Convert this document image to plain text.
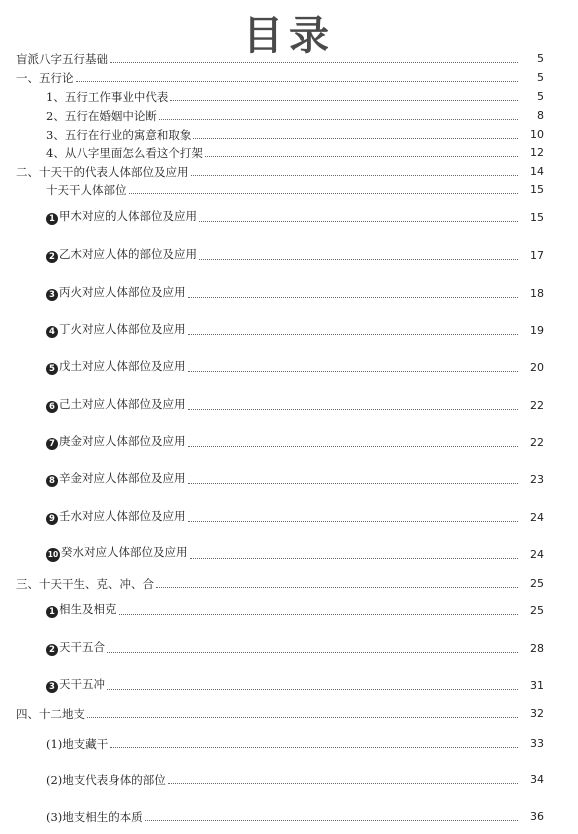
目录
盲派八字五行基础	5
一、五行论	5
1、五行工作事业中代表	5
2、五行在婚姻中论断	8
3、五行在行业的寓意和取象	10
4、从八字里面怎么看这个打架	12
二、十天干的代表人体部位及应用	14
十天干人体部位	15
1 甲木对应的人体部位及应用	15
2 乙木对应人体的部位及应用	17
3 丙火对应人体部位及应用	18
4 丁火对应人体部位及应用	19
5 戊土对应人体部位及应用	20
6 己土对应人体部位及应用	22
7 庚金对应人体部位及应用	22
8 辛金对应人体部位及应用	23
9 壬水对应人体部位及应用	24
10 癸水对应人体部位及应用	24
三、十天干生、克、冲、合	25
1 相生及相克	25
2 天干五合	28
3 天干五冲	31
四、十二地支	32
(1)地支藏干	33
(2)地支代表身体的部位	34
(3)地支相生的本质	36
